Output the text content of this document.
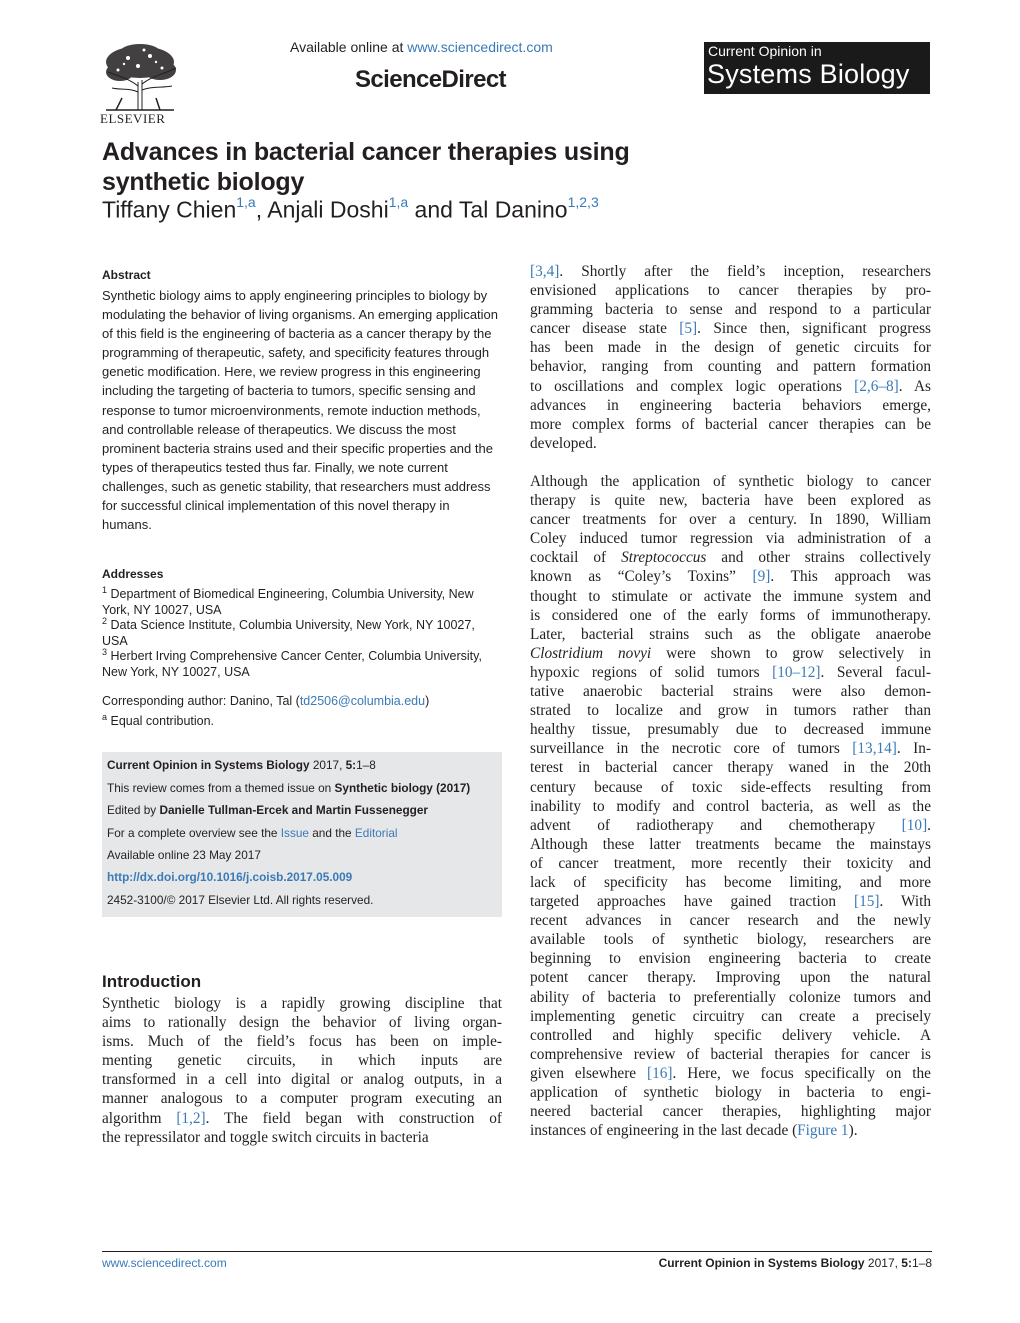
ELSEVIER
Available online at www.sciencedirect.com
ScienceDirect
Current Opinion in
Systems Biology
Advances in bacterial cancer therapies using synthetic biology
Tiffany Chien$^{1,a}$, Anjali Doshi$^{1,a}$ and Tal Danino$^{1,2,3}$
Abstract
Synthetic biology aims to apply engineering principles to biology by modulating the behavior of living organisms. An emerging application of this field is the engineering of bacteria as a cancer therapy by the programming of therapeutic, safety, and specificity features through genetic modification. Here, we review progress in this engineering including the targeting of bacteria to tumors, specific sensing and response to tumor microenvironments, remote induction methods, and controllable release of therapeutics. We discuss the most prominent bacteria strains used and their specific properties and the types of therapeutics tested thus far. Finally, we note current challenges, such as genetic stability, that researchers must address for successful clinical implementation of this novel therapy in humans.
Addresses
$^1$ Department of Biomedical Engineering, Columbia University, New York, NY 10027, USA
$^2$ Data Science Institute, Columbia University, New York, NY 10027, USA
$^3$ Herbert Irving Comprehensive Cancer Center, Columbia University, New York, NY 10027, USA
Corresponding author: Danino, Tal (td2506@columbia.edu)
$^a$ Equal contribution.
Current Opinion in Systems Biology 2017, 5:1–8
This review comes from a themed issue on Synthetic biology (2017)
Edited by Danielle Tullman-Ercek and Martin Fussenegger
For a complete overview see the Issue and the Editorial
Available online 23 May 2017
http://dx.doi.org/10.1016/j.coisb.2017.05.009
2452-3100/© 2017 Elsevier Ltd. All rights reserved.
Introduction
Synthetic biology is a rapidly growing discipline that
aims to rationally design the behavior of living organ-
isms. Much of the field’s focus has been on imple-
menting genetic circuits, in which inputs are
transformed in a cell into digital or analog outputs, in a
manner analogous to a computer program executing an
algorithm [1,2]. The field began with construction of
the repressilator and toggle switch circuits in bacteria
[3,4]. Shortly after the field’s inception, researchers
envisioned applications to cancer therapies by pro-
gramming bacteria to sense and respond to a particular
cancer disease state [5]. Since then, significant progress
has been made in the design of genetic circuits for
behavior, ranging from counting and pattern formation
to oscillations and complex logic operations [2,6–8]. As
advances in engineering bacteria behaviors emerge,
more complex forms of bacterial cancer therapies can be
developed.
Although the application of synthetic biology to cancer
therapy is quite new, bacteria have been explored as
cancer treatments for over a century. In 1890, William
Coley induced tumor regression via administration of a
cocktail of Streptococcus and other strains collectively
known as “Coley’s Toxins” [9]. This approach was
thought to stimulate or activate the immune system and
is considered one of the early forms of immunotherapy.
Later, bacterial strains such as the obligate anaerobe
Clostridium novyi were shown to grow selectively in
hypoxic regions of solid tumors [10–12]. Several facul-
tative anaerobic bacterial strains were also demon-
strated to localize and grow in tumors rather than
healthy tissue, presumably due to decreased immune
surveillance in the necrotic core of tumors [13,14]. In-
terest in bacterial cancer therapy waned in the 20th
century because of toxic side-effects resulting from
inability to modify and control bacteria, as well as the
advent of radiotherapy and chemotherapy [10].
Although these latter treatments became the mainstays
of cancer treatment, more recently their toxicity and
lack of specificity has become limiting, and more
targeted approaches have gained traction [15]. With
recent advances in cancer research and the newly
available tools of synthetic biology, researchers are
beginning to envision engineering bacteria to create
potent cancer therapy. Improving upon the natural
ability of bacteria to preferentially colonize tumors and
implementing genetic circuitry can create a precisely
controlled and highly specific delivery vehicle. A
comprehensive review of bacterial therapies for cancer is
given elsewhere [16]. Here, we focus specifically on the
application of synthetic biology in bacteria to engi-
neered bacterial cancer therapies, highlighting major
instances of engineering in the last decade (Figure 1).
www.sciencedirect.com	Current Opinion in Systems Biology 2017, 5:1–8
